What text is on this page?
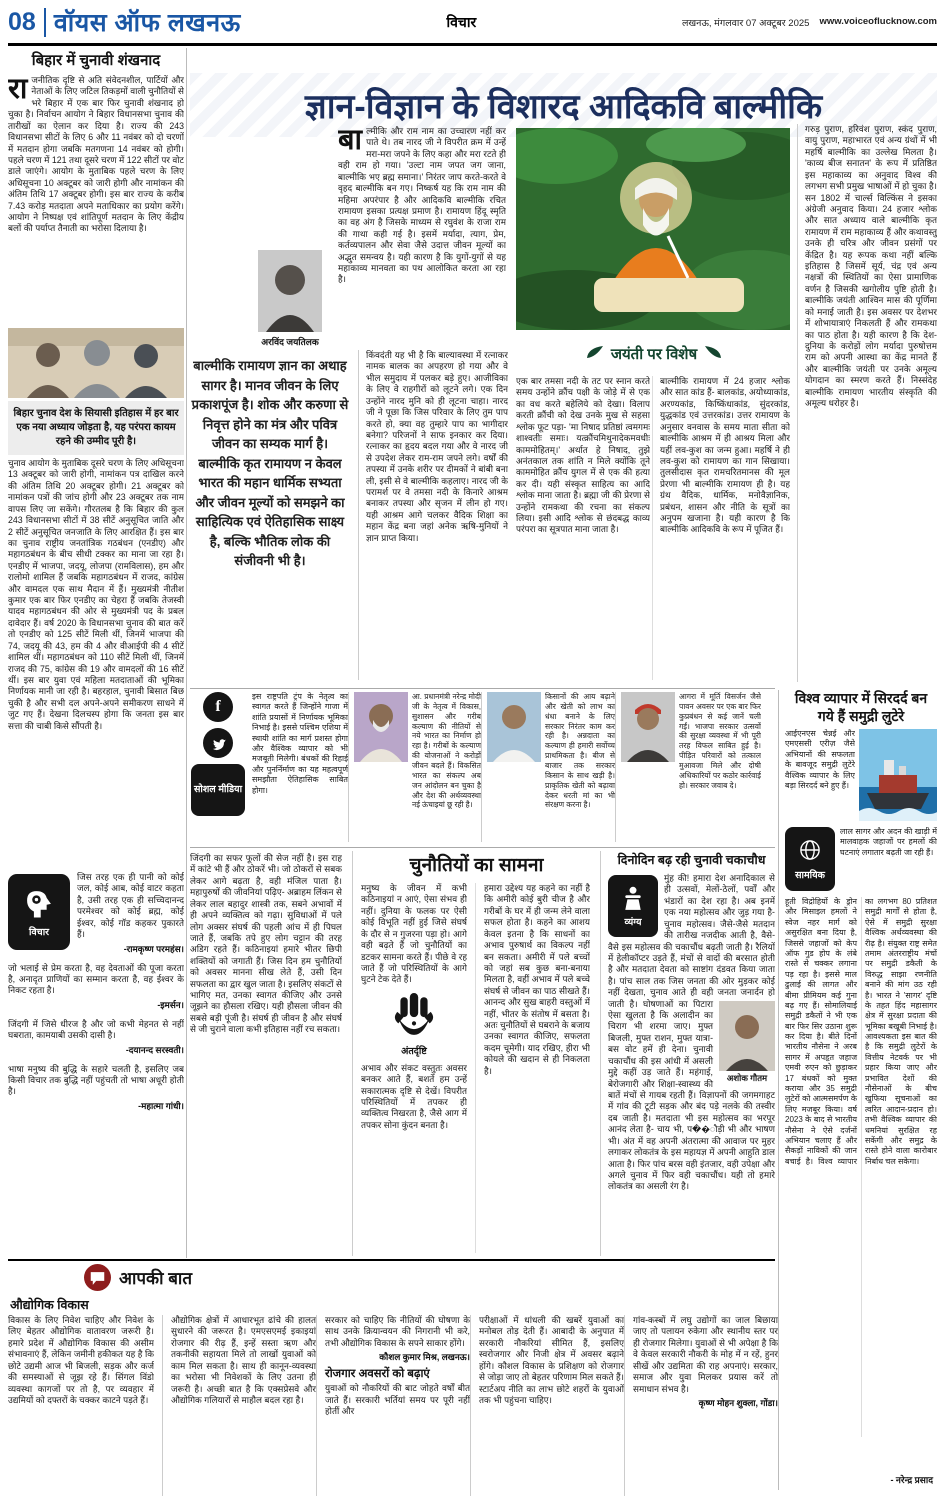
08 वॉयस ऑफ लखनऊ	विचार	लखनऊ, मंगलवार 07 अक्टूबर 2025 www.voiceoflucknow.com
बिहार में चुनावी शंखनाद
राजनीतिक दृष्टि से अति संवेदनशील, पार्टियों और नेताओं के लिए जटिल तिकड़मों वाली चुनौतियों से भरे बिहार में एक बार फिर चुनावी शंखनाद हो चुका है। निर्वाचन आयोग ने बिहार विधानसभा चुनाव की तारीखों का ऐलान कर दिया है। राज्य की 243 विधानसभा सीटों के लिए 6 और 11 नवंबर को दो चरणों में मतदान होगा जबकि मतगणना 14 नवंबर को होगी। पहले चरण में 121 तथा दूसरे चरण में 122 सीटों पर वोट डाले जाएंगे। आयोग के मुताबिक पहले चरण के लिए अधिसूचना 10 अक्टूबर को जारी होगी और नामांकन की अंतिम तिथि 17 अक्टूबर होगी। इस बार राज्य के करीब 7.43 करोड़ मतदाता अपने मताधिकार का प्रयोग करेंगे। आयोग ने निष्पक्ष एवं शांतिपूर्ण मतदान के लिए केंद्रीय बलों की पर्याप्त तैनाती का भरोसा दिलाया है।
बिहार चुनाव देश के सियासी इतिहास में हर बार एक नया अध्याय जोड़ता है, यह परंपरा कायम रहने की उम्मीद पूरी है।
चुनाव आयोग के मुताबिक दूसरे चरण के लिए अधिसूचना 13 अक्टूबर को जारी होगी, नामांकन पत्र दाखिल करने की अंतिम तिथि 20 अक्टूबर होगी। 21 अक्टूबर को नामांकन पत्रों की जांच होगी और 23 अक्टूबर तक नाम वापस लिए जा सकेंगे। गौरतलब है कि बिहार की कुल 243 विधानसभा सीटों में 38 सीटें अनुसूचित जाति और 2 सीटें अनुसूचित जनजाति के लिए आरक्षित हैं। इस बार का चुनाव राष्ट्रीय जनतांत्रिक गठबंधन (एनडीए) और महागठबंधन के बीच सीधी टक्कर का माना जा रहा है। एनडीए में भाजपा, जदयू, लोजपा (रामविलास), हम और रालोमो शामिल हैं जबकि महागठबंधन में राजद, कांग्रेस और वामदल एक साथ मैदान में हैं। मुख्यमंत्री नीतीश कुमार एक बार फिर एनडीए का चेहरा हैं जबकि तेजस्वी यादव महागठबंधन की ओर से मुख्यमंत्री पद के प्रबल दावेदार हैं। वर्ष 2020 के विधानसभा चुनाव की बात करें तो एनडीए को 125 सीटें मिली थीं, जिनमें भाजपा की 74, जदयू की 43, हम की 4 और वीआईपी की 4 सीटें शामिल थीं। महागठबंधन को 110 सीटें मिली थीं, जिनमें राजद की 75, कांग्रेस की 19 और वामदलों की 16 सीटें थीं। इस बार युवा एवं महिला मतदाताओं की भूमिका निर्णायक मानी जा रही है। बहरहाल, चुनावी बिसात बिछ चुकी है और सभी दल अपने-अपने समीकरण साधने में जुट गए हैं। देखना दिलचस्प होगा कि जनता इस बार सत्ता की चाबी किसे सौंपती है।
विचार
जिस तरह एक ही पानी को कोई जल, कोई आब, कोई वाटर कहता है, उसी तरह एक ही सच्चिदानन्द परमेश्वर को कोई ब्रह्म, कोई ईश्वर, कोई गॉड कहकर पुकारते हैं।
-रामकृष्ण परमहंस।
जो भलाई से प्रेम करता है, वह देवताओं की पूजा करता है, अनादृत प्राणियों का सम्मान करता है, वह ईश्वर के निकट रहता है।
-इमर्सन।
जिंदगी में जिसे धीरज है और जो कभी मेहनत से नहीं घबराता, कामयाबी उसकी दासी है।
-दयानन्द सरस्वती।
भाषा मनुष्य की बुद्धि के सहारे चलती है, इसलिए जब किसी विचार तक बुद्धि नहीं पहुंचती तो भाषा अधूरी होती है।
-महात्मा गांधी।
ज्ञान-विज्ञान के विशारद आदिकवि बाल्मीकि
अरविंद जयतिलक
बाल्मीकि और राम नाम का उच्चारण नहीं कर पाते थे। तब नारद जी ने विपरीत क्रम में उन्हें मरा-मरा जपने के लिए कहा और मरा रटते ही वही राम हो गया। 'उल्टा नाम जपत जग जाना, बाल्मीकि भए ब्रह्म समाना।' निरंतर जाप करते-करते वे वृहद बाल्मीकि बन गए। निष्कर्ष यह कि राम नाम की महिमा अपरंपार है और आदिकवि बाल्मीकि रचित रामायण इसका प्रत्यक्ष प्रमाण है। रामायण हिंदू स्मृति का वह अंग है जिसके माध्यम से रघुवंश के राजा राम की गाथा कही गई है। इसमें मर्यादा, त्याग, प्रेम, कर्तव्यपालन और सेवा जैसे उदात्त जीवन मूल्यों का अद्भुत समन्वय है। यही कारण है कि युगों-युगों से यह महाकाव्य मानवता का पथ आलोकित करता आ रहा है।
गरुड़ पुराण, हरिवंश पुराण, स्कंद पुराण, वायु पुराण, महाभारत एवं अन्य ग्रंथों में भी महर्षि बाल्मीकि का उल्लेख मिलता है। 'काव्य बीज सनातन' के रूप में प्रतिष्ठित इस महाकाव्य का अनुवाद विश्व की लगभग सभी प्रमुख भाषाओं में हो चुका है। सन 1802 में चार्ल्स विल्किंस ने इसका अंग्रेजी अनुवाद किया। 24 हजार श्लोक और सात अध्याय वाले बाल्मीकि कृत रामायण में राम महाकाव्य हैं और कथावस्तु उनके ही चरित्र और जीवन प्रसंगों पर केंद्रित है। यह रूपक कथा नहीं बल्कि इतिहास है जिसमें सूर्य, चंद्र एवं अन्य नक्षत्रों की स्थितियों का ऐसा प्रामाणिक वर्णन है जिसकी खगोलीय पुष्टि होती है। बाल्मीकि जयंती आश्विन मास की पूर्णिमा को मनाई जाती है। इस अवसर पर देशभर में शोभायात्राएं निकलती हैं और रामकथा का पाठ होता है। यही कारण है कि देश-दुनिया के करोड़ों लोग मर्यादा पुरुषोत्तम राम को अपनी आस्था का केंद्र मानते हैं और बाल्मीकि जयंती पर उनके अमूल्य योगदान का स्मरण करते हैं। निस्संदेह बाल्मीकि रामायण भारतीय संस्कृति की अमूल्य धरोहर है।
जयंती पर विशेष
बाल्मीकि रामायण ज्ञान का अथाह सागर है। मानव जीवन के लिए प्रकाशपूंज है। शोक और करुणा से निवृत्त होने का मंत्र और पवित्र जीवन का सम्यक मार्ग है। बाल्मीकि कृत रामायण न केवल भारत की महान धार्मिक सभ्यता और जीवन मूल्यों को समझने का साहित्यिक एवं ऐतिहासिक साक्ष्य है, बल्कि भौतिक लोक की संजीवनी भी है।
किंवदंती यह भी है कि बाल्यावस्था में रत्नाकर नामक बालक का अपहरण हो गया और वे भील समुदाय में पलकर बड़े हुए। आजीविका के लिए वे राहगीरों को लूटने लगे। एक दिन उन्होंने नारद मुनि को ही लूटना चाहा। नारद जी ने पूछा कि जिस परिवार के लिए तुम पाप करते हो, क्या वह तुम्हारे पाप का भागीदार बनेगा? परिजनों ने साफ इनकार कर दिया। रत्नाकर का हृदय बदल गया और वे नारद जी से उपदेश लेकर राम-राम जपने लगे। वर्षों की तपस्या में उनके शरीर पर दीमकों ने बांबी बना ली, इसी से वे बाल्मीकि कहलाए। नारद जी के परामर्श पर वे तमसा नदी के किनारे आश्रम बनाकर तपस्या और सृजन में लीन हो गए। यही आश्रम आगे चलकर वैदिक शिक्षा का महान केंद्र बना जहां अनेक ऋषि-मुनियों ने ज्ञान प्राप्त किया।
एक बार तमसा नदी के तट पर स्नान करते समय उन्होंने क्रौंच पक्षी के जोड़े में से एक का वध करते बहेलिये को देखा। विलाप करती क्रौंची को देख उनके मुख से सहसा श्लोक फूट पड़ा- 'मा निषाद प्रतिष्ठां त्वमगमः शाश्वतीः समाः। यत्क्रौंचमिथुनादेकमवधीः काममोहितम्।' अर्थात हे निषाद, तुझे अनंतकाल तक शांति न मिले क्योंकि तूने काममोहित क्रौंच युगल में से एक की हत्या कर दी। यही संस्कृत साहित्य का आदि श्लोक माना जाता है। ब्रह्मा जी की प्रेरणा से उन्होंने रामकथा की रचना का संकल्प लिया। इसी आदि श्लोक से छंदबद्ध काव्य परंपरा का सूत्रपात माना जाता है।
बाल्मीकि रामायण में 24 हजार श्लोक और सात कांड हैं- बालकांड, अयोध्याकांड, अरण्यकांड, किष्किंधाकांड, सुंदरकांड, युद्धकांड एवं उत्तरकांड। उत्तर रामायण के अनुसार वनवास के समय माता सीता को बाल्मीकि आश्रम में ही आश्रय मिला और यहीं लव-कुश का जन्म हुआ। महर्षि ने ही लव-कुश को रामायण का गान सिखाया। तुलसीदास कृत रामचरितमानस की मूल प्रेरणा भी बाल्मीकि रामायण ही है। यह ग्रंथ वैदिक, धार्मिक, मनोवैज्ञानिक, प्रबंधन, शासन और नीति के सूत्रों का अनुपम खजाना है। यही कारण है कि बाल्मीकि आदिकवि के रूप में पूजित हैं।
f
सोशल मीडिया
इस राष्ट्रपति ट्रंप के नेतृत्व का स्वागत करते हैं जिन्होंने गाजा में शांति प्रयासों में निर्णायक भूमिका निभाई है। इससे पश्चिम एशिया में स्थायी शांति का मार्ग प्रशस्त होगा और वैश्विक व्यापार को भी मजबूती मिलेगी। बंधकों की रिहाई और पुनर्निर्माण का यह महत्वपूर्ण समझौता ऐतिहासिक साबित होगा।
आ. प्रधानमंत्री नरेन्द्र मोदी जी के नेतृत्व में विकास, सुशासन और गरीब कल्याण की नीतियों से नये भारत का निर्माण हो रहा है। गरीबों के कल्याण की योजनाओं ने करोड़ों जीवन बदले हैं। विकसित भारत का संकल्प अब जन आंदोलन बन चुका है और देश की अर्थव्यवस्था नई ऊंचाइयां छू रही है।
किसानों की आय बढ़ाने और खेती को लाभ का धंधा बनाने के लिए सरकार निरंतर काम कर रही है। अन्नदाता का कल्याण ही हमारी सर्वोच्च प्राथमिकता है। बीज से बाजार तक सरकार किसान के साथ खड़ी है। प्राकृतिक खेती को बढ़ावा देकर धरती मां का भी संरक्षण करना है।
आगरा में मूर्ति विसर्जन जैसे पावन अवसर पर एक बार फिर कुप्रबंधन से कई जानें चली गईं। भाजपा सरकार उत्सवों की सुरक्षा व्यवस्था में भी पूरी तरह विफल साबित हुई है। पीड़ित परिवारों को तत्काल मुआवजा मिले और दोषी अधिकारियों पर कठोर कार्रवाई हो। सरकार जवाब दे।
जिंदगी का सफर फूलों की सेज नहीं है। इस राह में कांटे भी हैं और ठोकरें भी। जो ठोकरों से सबक लेकर आगे बढ़ता है, वही मंजिल पाता है। महापुरुषों की जीवनियां पढ़िए- अब्राहम लिंकन से लेकर लाल बहादुर शास्त्री तक, सबने अभावों में ही अपने व्यक्तित्व को गढ़ा। सुविधाओं में पले लोग अक्सर संघर्ष की पहली आंच में ही पिघल जाते हैं, जबकि तपे हुए लोग चट्टान की तरह अडिग रहते हैं। कठिनाइयां हमारे भीतर छिपी शक्तियों को जगाती हैं। जिस दिन हम चुनौतियों को अवसर मानना सीख लेते हैं, उसी दिन सफलता का द्वार खुल जाता है। इसलिए संकटों से भागिए मत, उनका स्वागत कीजिए और उनसे जूझने का हौसला रखिए। यही हौसला जीवन की सबसे बड़ी पूंजी है। संघर्ष ही जीवन है और संघर्ष से जी चुराने वाला कभी इतिहास नहीं रच सकता।
चुनौतियों का सामना
मनुष्य के जीवन में कभी कठिनाइयां न आएं, ऐसा संभव ही नहीं। दुनिया के फलक पर ऐसी कोई विभूति नहीं हुई जिसे संघर्ष के दौर से न गुजरना पड़ा हो। आगे वही बढ़ते हैं जो चुनौतियों का डटकर सामना करते हैं। पीछे वे रह जाते हैं जो परिस्थितियों के आगे घुटने टेक देते हैं।
अंतर्दृष्टि
अभाव और संकट वस्तुतः अवसर बनकर आते हैं, बशर्ते हम उन्हें सकारात्मक दृष्टि से देखें। विपरीत परिस्थितियों में तपकर ही व्यक्तित्व निखरता है, जैसे आग में तपकर सोना कुंदन बनता है।
हमारा उद्देश्य यह कहने का नहीं है कि अमीरी कोई बुरी चीज है और गरीबों के घर में ही जन्म लेने वाला सफल होता है। कहने का आशय केवल इतना है कि साधनों का अभाव पुरुषार्थ का विकल्प नहीं बन सकता। अमीरी में पले बच्चों को जहां सब कुछ बना-बनाया मिलता है, वहीं अभाव में पले बच्चे संघर्ष से जीवन का पाठ सीखते हैं। आनन्द और सुख बाहरी वस्तुओं में नहीं, भीतर के संतोष में बसता है। अतः चुनौतियों से घबराने के बजाय उनका स्वागत कीजिए, सफलता कदम चूमेगी। याद रखिए, हीरा भी कोयले की खदान से ही निकलता है।
दिनोदिन बढ़ रही चुनावी चकाचौध
व्यंग्य
मुंह की! हमारा देश अनादिकाल से ही उत्सवों, मेलों-ठेलों, पर्वों और भंडारों का देश रहा है। अब इनमें एक नया महोत्सव और जुड़ गया है- चुनाव महोत्सव। जैसे-जैसे मतदान की तारीख नजदीक आती है, वैसे-वैसे इस महोत्सव की चकाचौंध बढ़ती जाती है। रैलियों में हेलीकॉप्टर उड़ते हैं, मंचों से वादों की बरसात होती है और मतदाता देवता को साष्टांग दंडवत किया जाता है। पांच साल तक जिस जनता की ओर मुड़कर कोई नहीं देखता, चुनाव आते ही वही जनता जनार्दन हो जाती है।
अशोक गौतम
घोषणाओं का पिटारा ऐसा खुलता है कि अलादीन का चिराग भी शरमा जाए। मुफ्त बिजली, मुफ्त राशन, मुफ्त यात्रा- बस वोट हमें ही देना। चुनावी चकाचौंध की इस आंधी में असली मुद्दे कहीं उड़ जाते हैं। महंगाई, बेरोजगारी और शिक्षा-स्वास्थ्य की बातें मंचों से गायब रहती हैं। विज्ञापनों की जगमगाहट में गांव की टूटी सड़क और बंद पड़े नलके की तस्वीर दब जाती है। मतदाता भी इस महोत्सव का भरपूर आनंद लेता है- चाय भी, प��ौड़ी भी और भाषण भी। अंत में वह अपनी अंतरात्मा की आवाज पर मुहर लगाकर लोकतंत्र के इस महायज्ञ में अपनी आहुति डाल आता है। फिर पांच बरस वही इंतजार, वही उपेक्षा और अगले चुनाव में फिर वही चकाचौंध। यही तो हमारे लोकतंत्र का असली रंग है।
विश्व व्यापार में सिरदर्द बन गये हैं समुद्री लुटेरे
आईएनएस चेन्नई और एमएससी एरीज़ जैसे अभियानों की सफलता के बावजूद समुद्री लुटेरे वैश्विक व्यापार के लिए बड़ा सिरदर्द बने हुए हैं।
सामयिक
लाल सागर और अदन की खाड़ी में मालवाहक जहाजों पर हमलों की घटनाएं लगातार बढ़ती जा रही हैं।
हूती विद्रोहियों के ड्रोन और मिसाइल हमलों ने स्वेज नहर मार्ग को असुरक्षित बना दिया है, जिससे जहाजों को केप ऑफ गुड होप के लंबे रास्ते से चक्कर लगाना पड़ रहा है। इससे माल ढुलाई की लागत और बीमा प्रीमियम कई गुना बढ़ गए हैं। सोमालियाई समुद्री डकैतों ने भी एक बार फिर सिर उठाना शुरू कर दिया है। बीते दिनों भारतीय नौसेना ने अरब सागर में अपहृत जहाज एमवी रुएन को छुड़ाकर 17 बंधकों को मुक्त कराया और 35 समुद्री लुटेरों को आत्मसमर्पण के लिए मजबूर किया। वर्ष 2023 के बाद से भारतीय नौसेना ने ऐसे दर्जनों अभियान चलाए हैं और सैकड़ों नाविकों की जान बचाई है। विश्व व्यापार का लगभग 80 प्रतिशत समुद्री मार्गों से होता है, ऐसे में समुद्री सुरक्षा वैश्विक अर्थव्यवस्था की रीढ़ है। संयुक्त राष्ट्र समेत तमाम अंतरराष्ट्रीय मंचों पर समुद्री डकैती के विरुद्ध साझा रणनीति बनाने की मांग उठ रही है। भारत ने 'सागर' दृष्टि के तहत हिंद महासागर क्षेत्र में सुरक्षा प्रदाता की भूमिका बखूबी निभाई है। आवश्यकता इस बात की है कि समुद्री लुटेरों के वित्तीय नेटवर्क पर भी प्रहार किया जाए और प्रभावित देशों की नौसेनाओं के बीच खुफिया सूचनाओं का त्वरित आदान-प्रदान हो। तभी वैश्विक व्यापार की धमनियां सुरक्षित रह सकेंगी और समुद्र के रास्ते होने वाला कारोबार निर्बाध चल सकेगा।
- नरेन्द्र प्रसाद
आपकी बात
औद्योगिक विकास
विकास के लिए निवेश चाहिए और निवेश के लिए बेहतर औद्योगिक वातावरण जरूरी है। हमारे प्रदेश में औद्योगिक विकास की असीम संभावनाएं हैं, लेकिन जमीनी हकीकत यह है कि छोटे उद्यमी आज भी बिजली, सड़क और कर्ज की समस्याओं से जूझ रहे हैं। सिंगल विंडो व्यवस्था कागजों पर तो है, पर व्यवहार में उद्यमियों को दफ्तरों के चक्कर काटने पड़ते हैं।
औद्योगिक क्षेत्रों में आधारभूत ढांचे की हालत सुधारने की जरूरत है। एमएसएमई इकाइयां रोजगार की रीढ़ हैं, इन्हें सस्ता ऋण और तकनीकी सहायता मिले तो लाखों युवाओं को काम मिल सकता है। साथ ही कानून-व्यवस्था का भरोसा भी निवेशकों के लिए उतना ही जरूरी है। अच्छी बात है कि एक्सप्रेसवे और औद्योगिक गलियारों से माहौल बदल रहा है।
सरकार को चाहिए कि नीतियों की घोषणा के साथ उनके क्रियान्वयन की निगरानी भी करे, तभी औद्योगिक विकास के सपने साकार होंगे।
कौशल कुमार मिश्र, लखनऊ।
रोजगार अवसरों को बढ़ाएं
युवाओं को नौकरियों की बाट जोहते वर्षों बीत जाते हैं। सरकारी भर्तियां समय पर पूरी नहीं होतीं और
परीक्षाओं में धांधली की खबरें युवाओं का मनोबल तोड़ देती हैं। आबादी के अनुपात में सरकारी नौकरियां सीमित हैं, इसलिए स्वरोजगार और निजी क्षेत्र में अवसर बढ़ाने होंगे। कौशल विकास के प्रशिक्षण को रोजगार से जोड़ा जाए तो बेहतर परिणाम मिल सकते हैं। स्टार्टअप नीति का लाभ छोटे शहरों के युवाओं तक भी पहुंचना चाहिए।
गांव-कस्बों में लघु उद्योगों का जाल बिछाया जाए तो पलायन रुकेगा और स्थानीय स्तर पर ही रोजगार मिलेगा। युवाओं से भी अपेक्षा है कि वे केवल सरकारी नौकरी के मोह में न रहें, हुनर सीखें और उद्यमिता की राह अपनाएं। सरकार, समाज और युवा मिलकर प्रयास करें तो समाधान संभव है।
कृष्ण मोहन शुक्ला, गोंडा।
